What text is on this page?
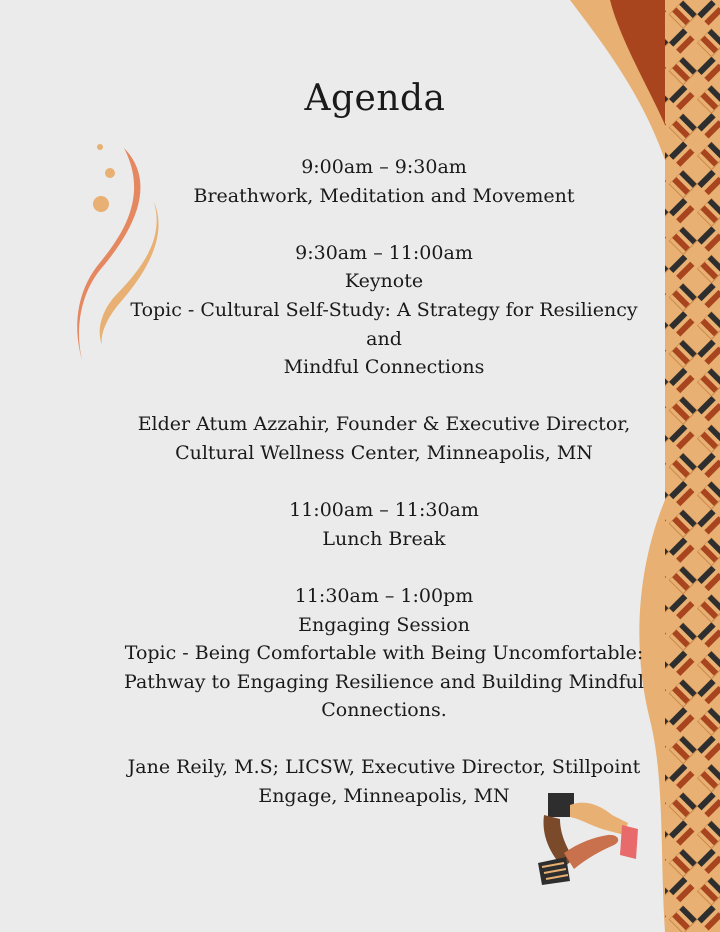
Agenda
9:00am – 9:30am
Breathwork, Meditation and Movement
9:30am – 11:00am
Keynote
Topic - Cultural Self-Study: A Strategy for Resiliency and
Mindful Connections
Elder Atum Azzahir, Founder & Executive Director,
Cultural Wellness Center, Minneapolis, MN
11:00am – 11:30am
Lunch Break
11:30am – 1:00pm
Engaging Session
Topic - Being Comfortable with Being Uncomfortable:
Pathway to Engaging Resilience and Building Mindful
Connections.
Jane Reily, M.S; LICSW, Executive Director, Stillpoint
Engage, Minneapolis, MN
